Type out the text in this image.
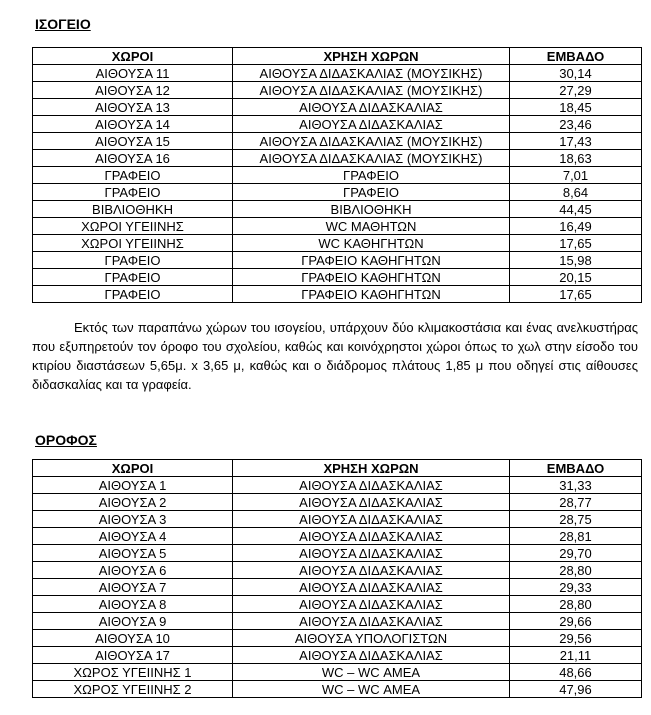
ΙΣΟΓΕΙΟ
ΧΩΡΟΙ	ΧΡΗΣΗ ΧΩΡΩΝ	ΕΜΒΑΔΟ
ΑΙΘΟΥΣΑ 11	ΑΙΘΟΥΣΑ ΔΙΔΑΣΚΑΛΙΑΣ (ΜΟΥΣΙΚΗΣ)	30,14
ΑΙΘΟΥΣΑ 12	ΑΙΘΟΥΣΑ ΔΙΔΑΣΚΑΛΙΑΣ (ΜΟΥΣΙΚΗΣ)	27,29
ΑΙΘΟΥΣΑ 13	ΑΙΘΟΥΣΑ ΔΙΔΑΣΚΑΛΙΑΣ	18,45
ΑΙΘΟΥΣΑ 14	ΑΙΘΟΥΣΑ ΔΙΔΑΣΚΑΛΙΑΣ	23,46
ΑΙΘΟΥΣΑ 15	ΑΙΘΟΥΣΑ ΔΙΔΑΣΚΑΛΙΑΣ (ΜΟΥΣΙΚΗΣ)	17,43
ΑΙΘΟΥΣΑ 16	ΑΙΘΟΥΣΑ ΔΙΔΑΣΚΑΛΙΑΣ (ΜΟΥΣΙΚΗΣ)	18,63
ΓΡΑΦΕΙΟ	ΓΡΑΦΕΙΟ	7,01
ΓΡΑΦΕΙΟ	ΓΡΑΦΕΙΟ	8,64
ΒΙΒΛΙΟΘΗΚΗ	ΒΙΒΛΙΟΘΗΚΗ	44,45
ΧΩΡΟΙ ΥΓΕΙΙΝΗΣ	WC ΜΑΘΗΤΩΝ	16,49
ΧΩΡΟΙ ΥΓΕΙΙΝΗΣ	WC ΚΑΘΗΓΗΤΩΝ	17,65
ΓΡΑΦΕΙΟ	ΓΡΑΦΕΙΟ ΚΑΘΗΓΗΤΩΝ	15,98
ΓΡΑΦΕΙΟ	ΓΡΑΦΕΙΟ ΚΑΘΗΓΗΤΩΝ	20,15
ΓΡΑΦΕΙΟ	ΓΡΑΦΕΙΟ ΚΑΘΗΓΗΤΩΝ	17,65
Εκτός των παραπάνω χώρων του ισογείου, υπάρχουν δύο κλιμακοστάσια και ένας ανελκυστήρας που εξυπηρετούν τον όροφο του σχολείου, καθώς και κοινόχρηστοι χώροι όπως το χωλ στην είσοδο του κτιρίου διαστάσεων 5,65μ. x 3,65 μ, καθώς και ο διάδρομος πλάτους 1,85 μ που οδηγεί στις αίθουσες διδασκαλίας και τα γραφεία.
ΟΡΟΦΟΣ
ΧΩΡΟΙ	ΧΡΗΣΗ ΧΩΡΩΝ	ΕΜΒΑΔΟ
ΑΙΘΟΥΣΑ 1	ΑΙΘΟΥΣΑ ΔΙΔΑΣΚΑΛΙΑΣ	31,33
ΑΙΘΟΥΣΑ 2	ΑΙΘΟΥΣΑ ΔΙΔΑΣΚΑΛΙΑΣ	28,77
ΑΙΘΟΥΣΑ 3	ΑΙΘΟΥΣΑ ΔΙΔΑΣΚΑΛΙΑΣ	28,75
ΑΙΘΟΥΣΑ 4	ΑΙΘΟΥΣΑ ΔΙΔΑΣΚΑΛΙΑΣ	28,81
ΑΙΘΟΥΣΑ 5	ΑΙΘΟΥΣΑ ΔΙΔΑΣΚΑΛΙΑΣ	29,70
ΑΙΘΟΥΣΑ 6	ΑΙΘΟΥΣΑ ΔΙΔΑΣΚΑΛΙΑΣ	28,80
ΑΙΘΟΥΣΑ 7	ΑΙΘΟΥΣΑ ΔΙΔΑΣΚΑΛΙΑΣ	29,33
ΑΙΘΟΥΣΑ 8	ΑΙΘΟΥΣΑ ΔΙΔΑΣΚΑΛΙΑΣ	28,80
ΑΙΘΟΥΣΑ 9	ΑΙΘΟΥΣΑ ΔΙΔΑΣΚΑΛΙΑΣ	29,66
ΑΙΘΟΥΣΑ 10	ΑΙΘΟΥΣΑ ΥΠΟΛΟΓΙΣΤΩΝ	29,56
ΑΙΘΟΥΣΑ 17	ΑΙΘΟΥΣΑ ΔΙΔΑΣΚΑΛΙΑΣ	21,11
ΧΩΡΟΣ ΥΓΕΙΙΝΗΣ 1	WC – WC ΑΜΕΑ	48,66
ΧΩΡΟΣ ΥΓΕΙΙΝΗΣ 2	WC – WC ΑΜΕΑ	47,96
